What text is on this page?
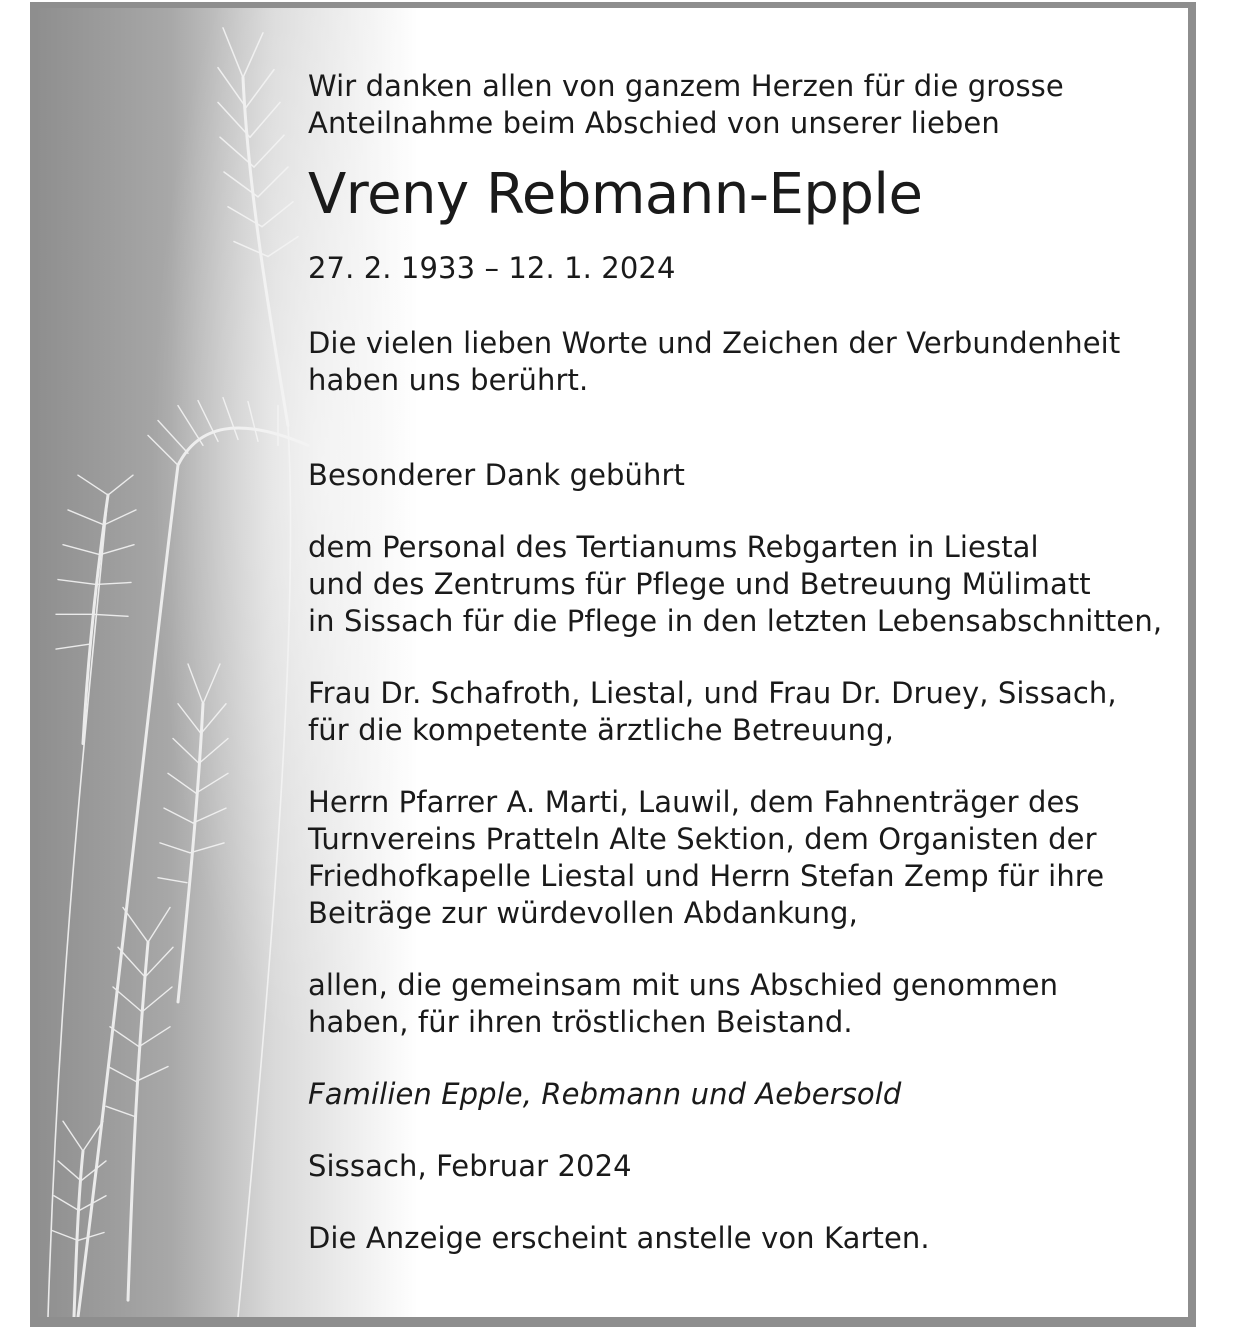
Wir danken allen von ganzem Herzen für die grosse
Anteilnahme beim Abschied von unserer lieben

Vreny Rebmann-Epple

27. 2. 1933 – 12. 1. 2024

Die vielen lieben Worte und Zeichen der Verbundenheit
haben uns berührt.

Besonderer Dank gebührt

dem Personal des Tertianums Rebgarten in Liestal
und des Zentrums für Pflege und Betreuung Mülimatt
in Sissach für die Pflege in den letzten Lebensabschnitten,

Frau Dr. Schafroth, Liestal, und Frau Dr. Druey, Sissach,
für die kompetente ärztliche Betreuung,

Herrn Pfarrer A. Marti, Lauwil, dem Fahnenträger des
Turnvereins Pratteln Alte Sektion, dem Organisten der
Friedhofkapelle Liestal und Herrn Stefan Zemp für ihre
Beiträge zur würdevollen Abdankung,

allen, die gemeinsam mit uns Abschied genommen
haben, für ihren tröstlichen Beistand.

Familien Epple, Rebmann und Aebersold

Sissach, Februar 2024

Die Anzeige erscheint anstelle von Karten.
